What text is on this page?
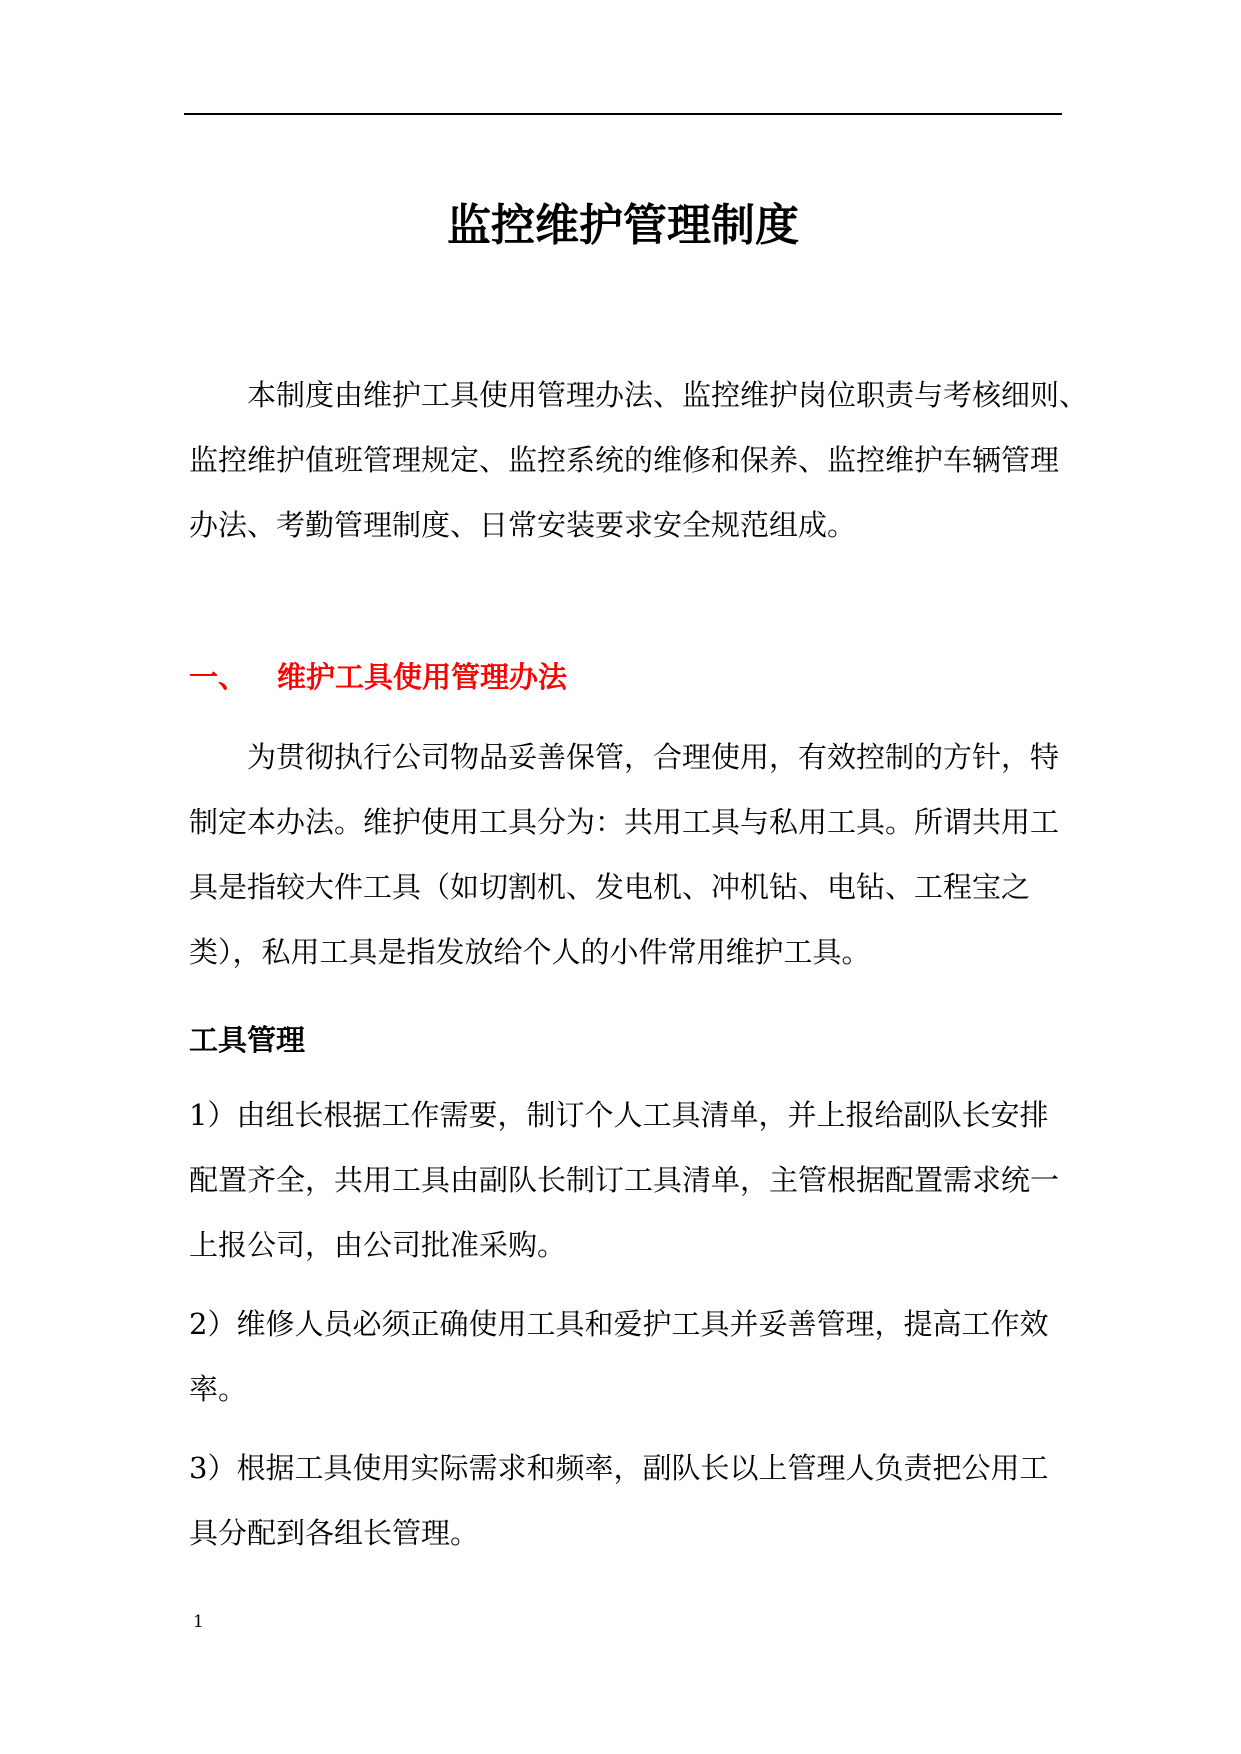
监控维护管理制度
本制度由维护工具使用管理办法、监控维护岗位职责与考核细则、
监控维护值班管理规定、监控系统的维修和保养、监控维护车辆管理
办法、考勤管理制度、日常安装要求安全规范组成。
一、 维护工具使用管理办法
为贯彻执行公司物品妥善保管，合理使用，有效控制的方针，特
制定本办法。维护使用工具分为：共用工具与私用工具。所谓共用工
具是指较大件工具（如切割机、发电机、冲机钻、电钻、工程宝之
类），私用工具是指发放给个人的小件常用维护工具。
工具管理
1）由组长根据工作需要，制订个人工具清单，并上报给副队长安排
配置齐全，共用工具由副队长制订工具清单，主管根据配置需求统一
上报公司，由公司批准采购。
2）维修人员必须正确使用工具和爱护工具并妥善管理，提高工作效
率。
3）根据工具使用实际需求和频率，副队长以上管理人负责把公用工
具分配到各组长管理。
1
